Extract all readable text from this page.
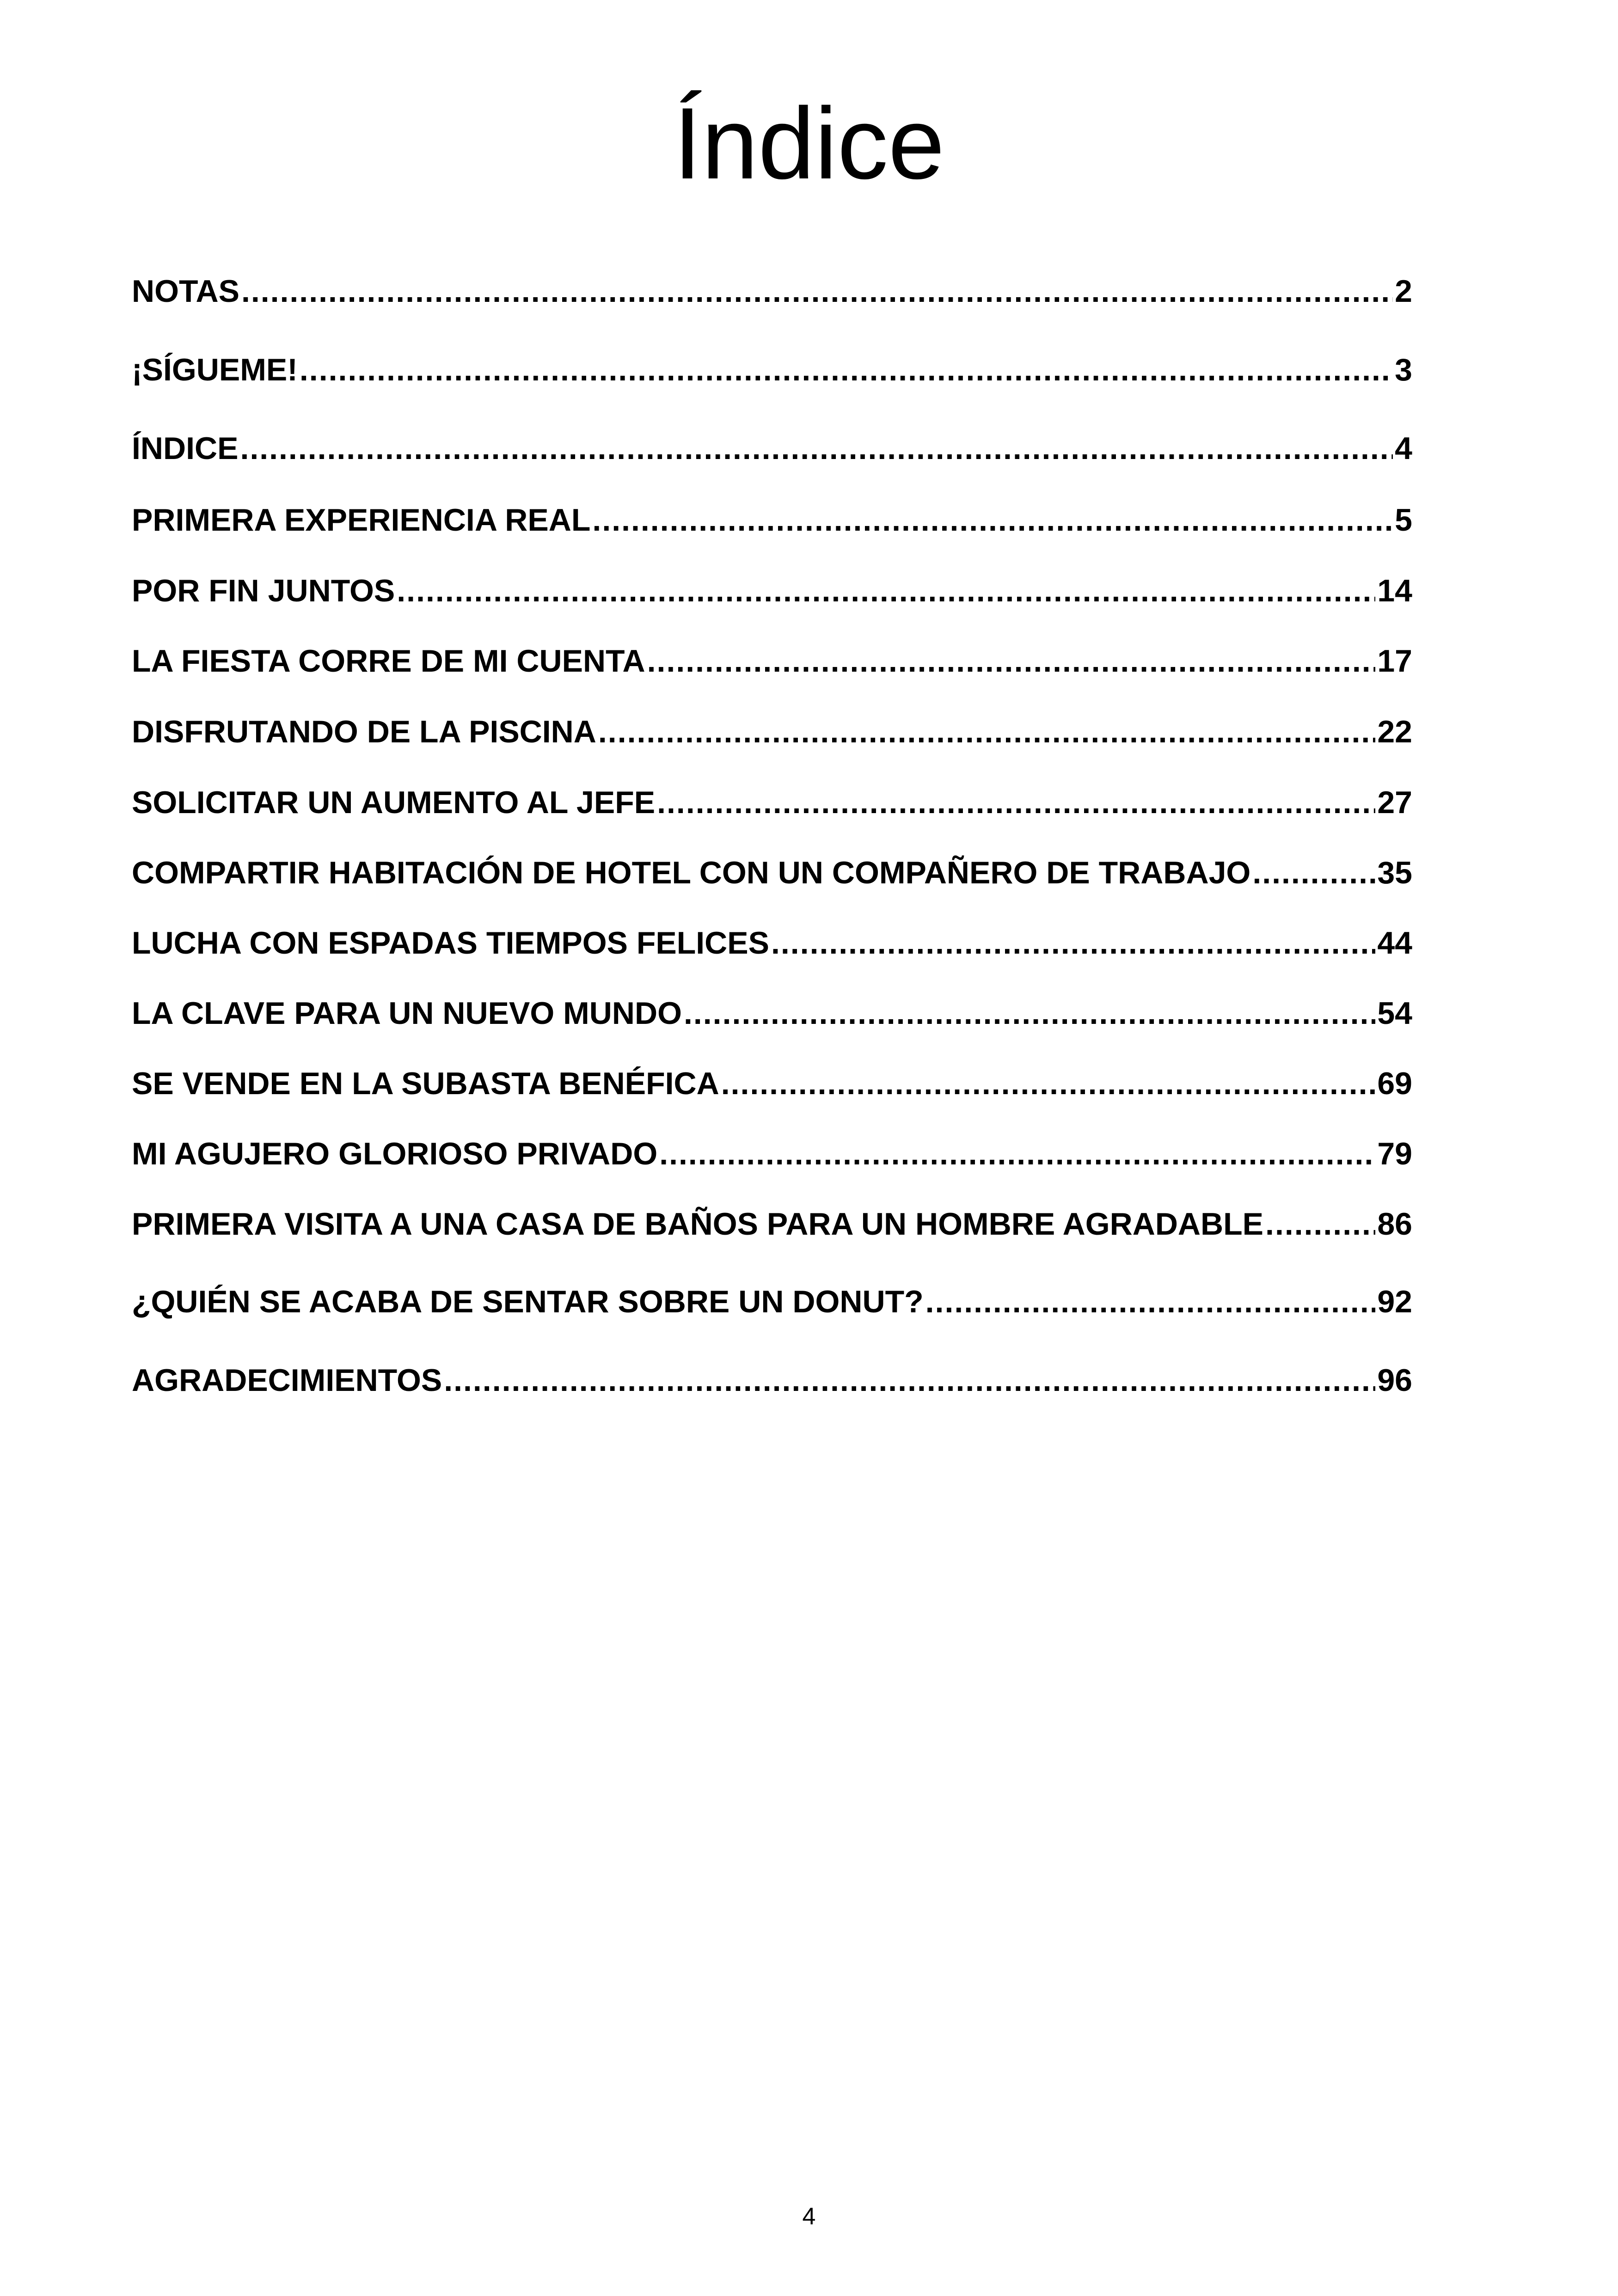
Índice
NOTAS .....	2
¡SÍGUEME! .....	3
ÍNDICE .....	4
PRIMERA EXPERIENCIA REAL .....	5
POR FIN JUNTOS .....	14
LA FIESTA CORRE DE MI CUENTA .....	17
DISFRUTANDO DE LA PISCINA .....	22
SOLICITAR UN AUMENTO AL JEFE .....	27
COMPARTIR HABITACIÓN DE HOTEL CON UN COMPAÑERO DE TRABAJO .....	35
LUCHA CON ESPADAS TIEMPOS FELICES .....	44
LA CLAVE PARA UN NUEVO MUNDO .....	54
SE VENDE EN LA SUBASTA BENÉFICA .....	69
MI AGUJERO GLORIOSO PRIVADO .....	79
PRIMERA VISITA A UNA CASA DE BAÑOS PARA UN HOMBRE AGRADABLE .....	86
¿QUIÉN SE ACABA DE SENTAR SOBRE UN DONUT? .....	92
AGRADECIMIENTOS .....	96
4
